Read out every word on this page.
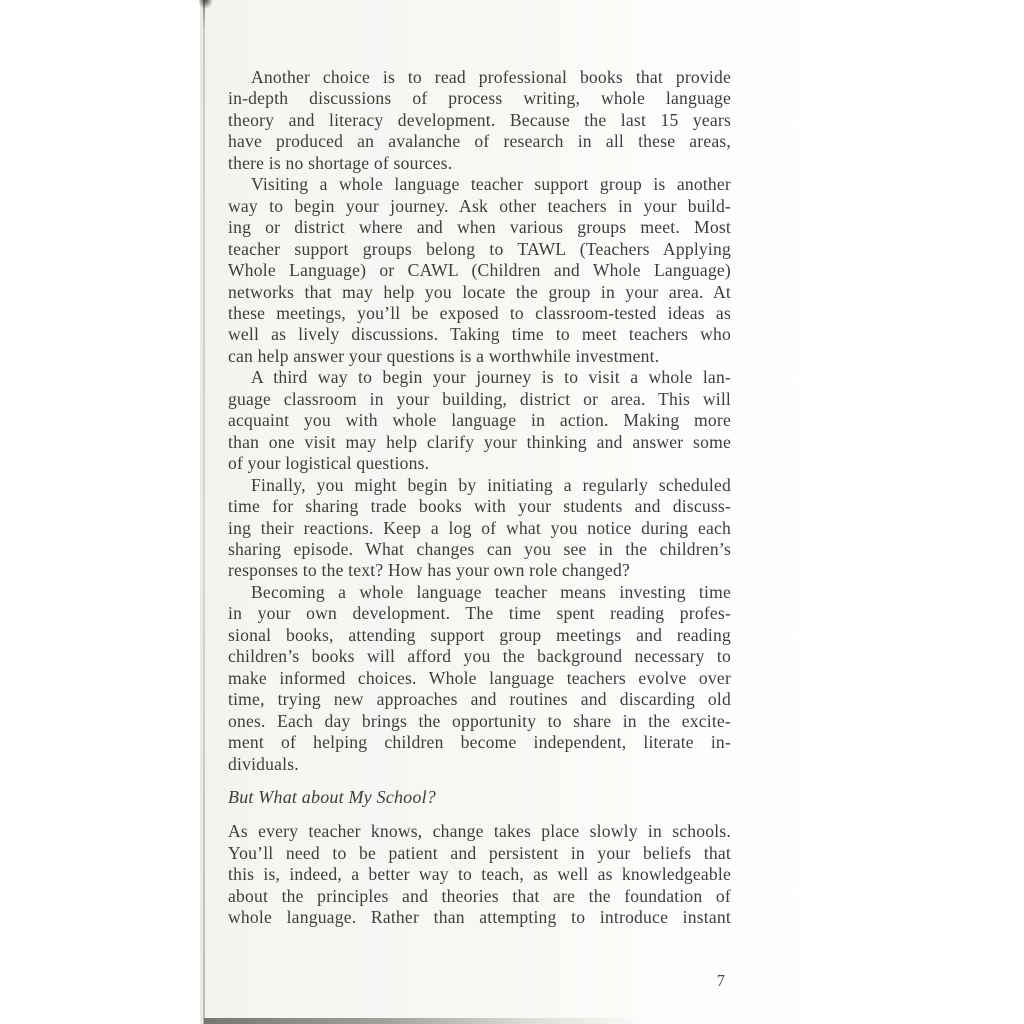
Another choice is to read professional books that provide
in-depth discussions of process writing, whole language
theory and literacy development. Because the last 15 years
have produced an avalanche of research in all these areas,
there is no shortage of sources.
Visiting a whole language teacher support group is another
way to begin your journey. Ask other teachers in your build-
ing or district where and when various groups meet. Most
teacher support groups belong to TAWL (Teachers Applying
Whole Language) or CAWL (Children and Whole Language)
networks that may help you locate the group in your area. At
these meetings, you’ll be exposed to classroom-tested ideas as
well as lively discussions. Taking time to meet teachers who
can help answer your questions is a worthwhile investment.
A third way to begin your journey is to visit a whole lan-
guage classroom in your building, district or area. This will
acquaint you with whole language in action. Making more
than one visit may help clarify your thinking and answer some
of your logistical questions.
Finally, you might begin by initiating a regularly scheduled
time for sharing trade books with your students and discuss-
ing their reactions. Keep a log of what you notice during each
sharing episode. What changes can you see in the children’s
responses to the text? How has your own role changed?
Becoming a whole language teacher means investing time
in your own development. The time spent reading profes-
sional books, attending support group meetings and reading
children’s books will afford you the background necessary to
make informed choices. Whole language teachers evolve over
time, trying new approaches and routines and discarding old
ones. Each day brings the opportunity to share in the excite-
ment of helping children become independent, literate in-
dividuals.
But What about My School?
As every teacher knows, change takes place slowly in schools.
You’ll need to be patient and persistent in your beliefs that
this is, indeed, a better way to teach, as well as knowledgeable
about the principles and theories that are the foundation of
whole language. Rather than attempting to introduce instant
7
